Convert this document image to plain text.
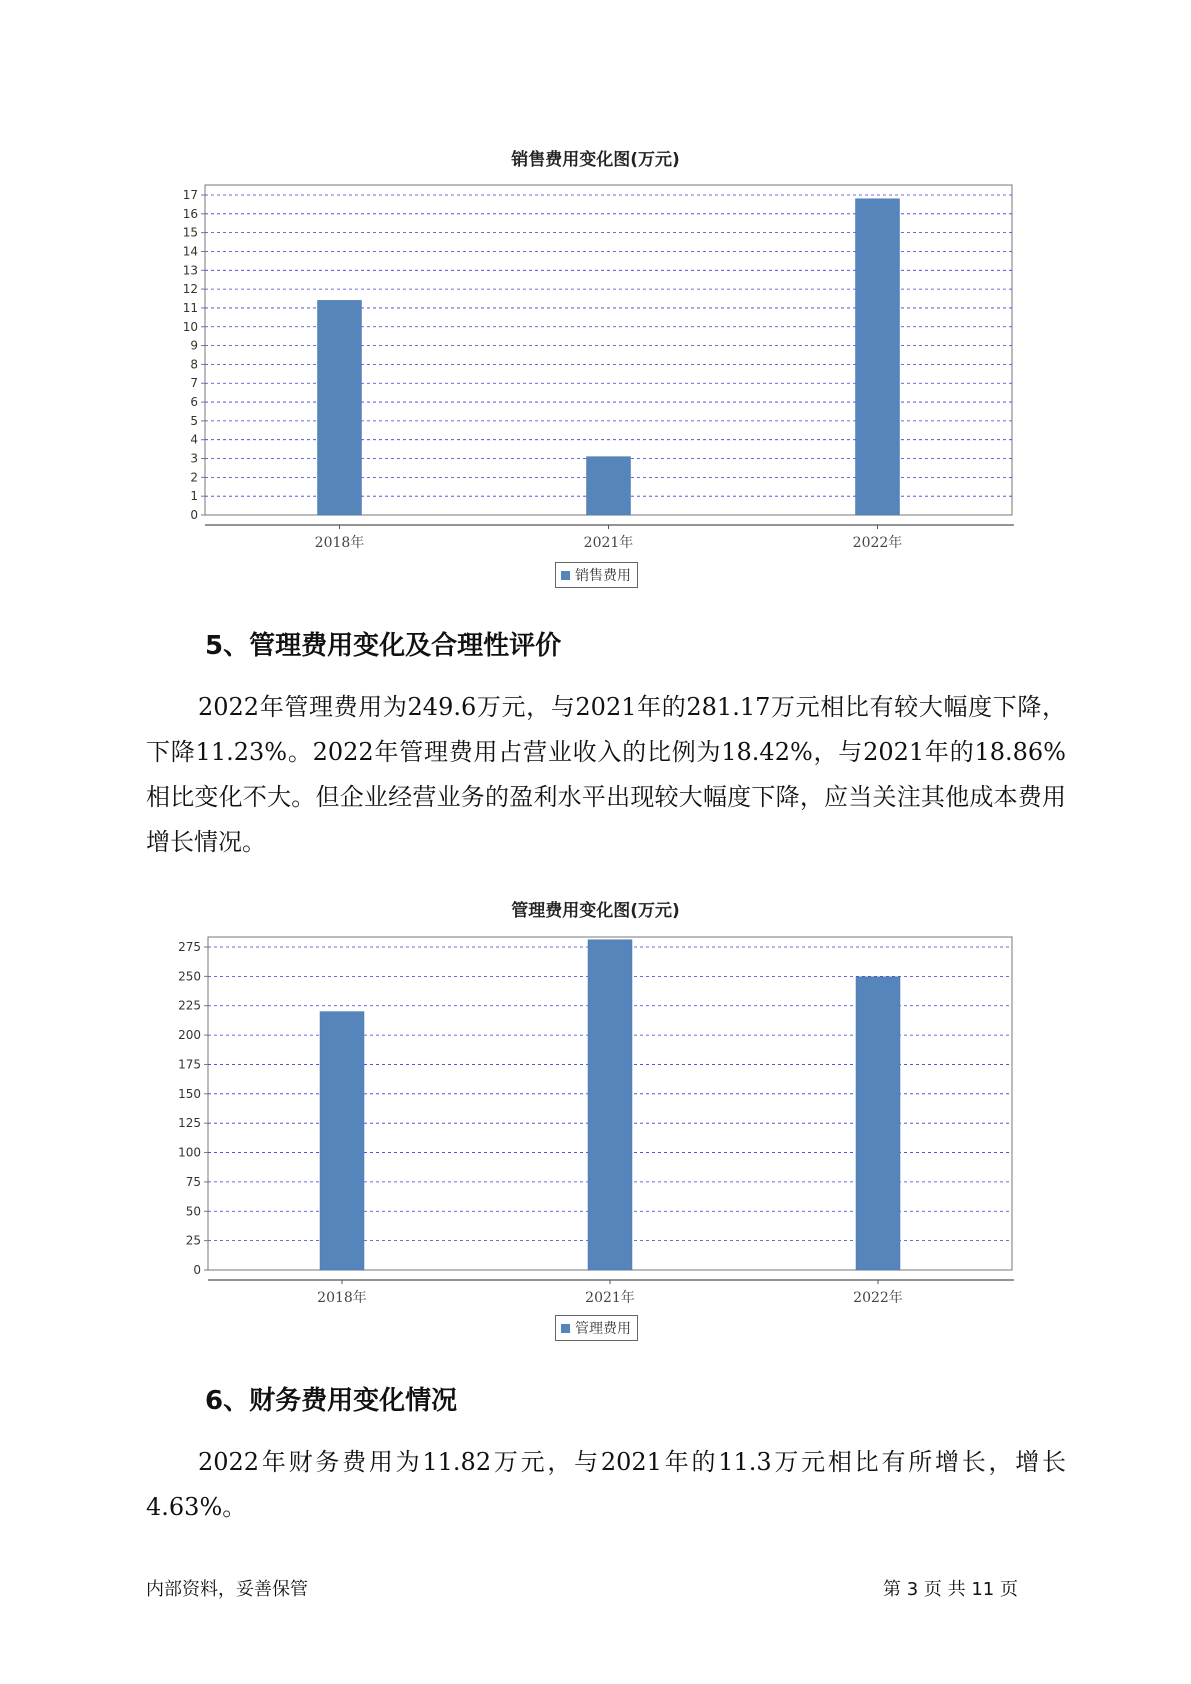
销售费用变化图(万元)
0
1
2
3
4
5
6
7
8
9
10
11
12
13
14
15
16
17
2018年	2021年	2022年
销售费用
5、管理费用变化及合理性评价

2022年管理费用为249.6万元，与2021年的281.17万元相比有较大幅度下降，下降11.23%。2022年管理费用占营业收入的比例为18.42%，与2021年的18.86%相比变化不大。但企业经营业务的盈利水平出现较大幅度下降，应当关注其他成本费用增长情况。

管理费用变化图(万元)
0
25
50
75
100
125
150
175
200
225
250
275
2018年	2021年	2022年
管理费用
6、财务费用变化情况

2022年财务费用为11.82万元，与2021年的11.3万元相比有所增长，增长4.63%。

内部资料，妥善保管	第 3 页 共 11 页
